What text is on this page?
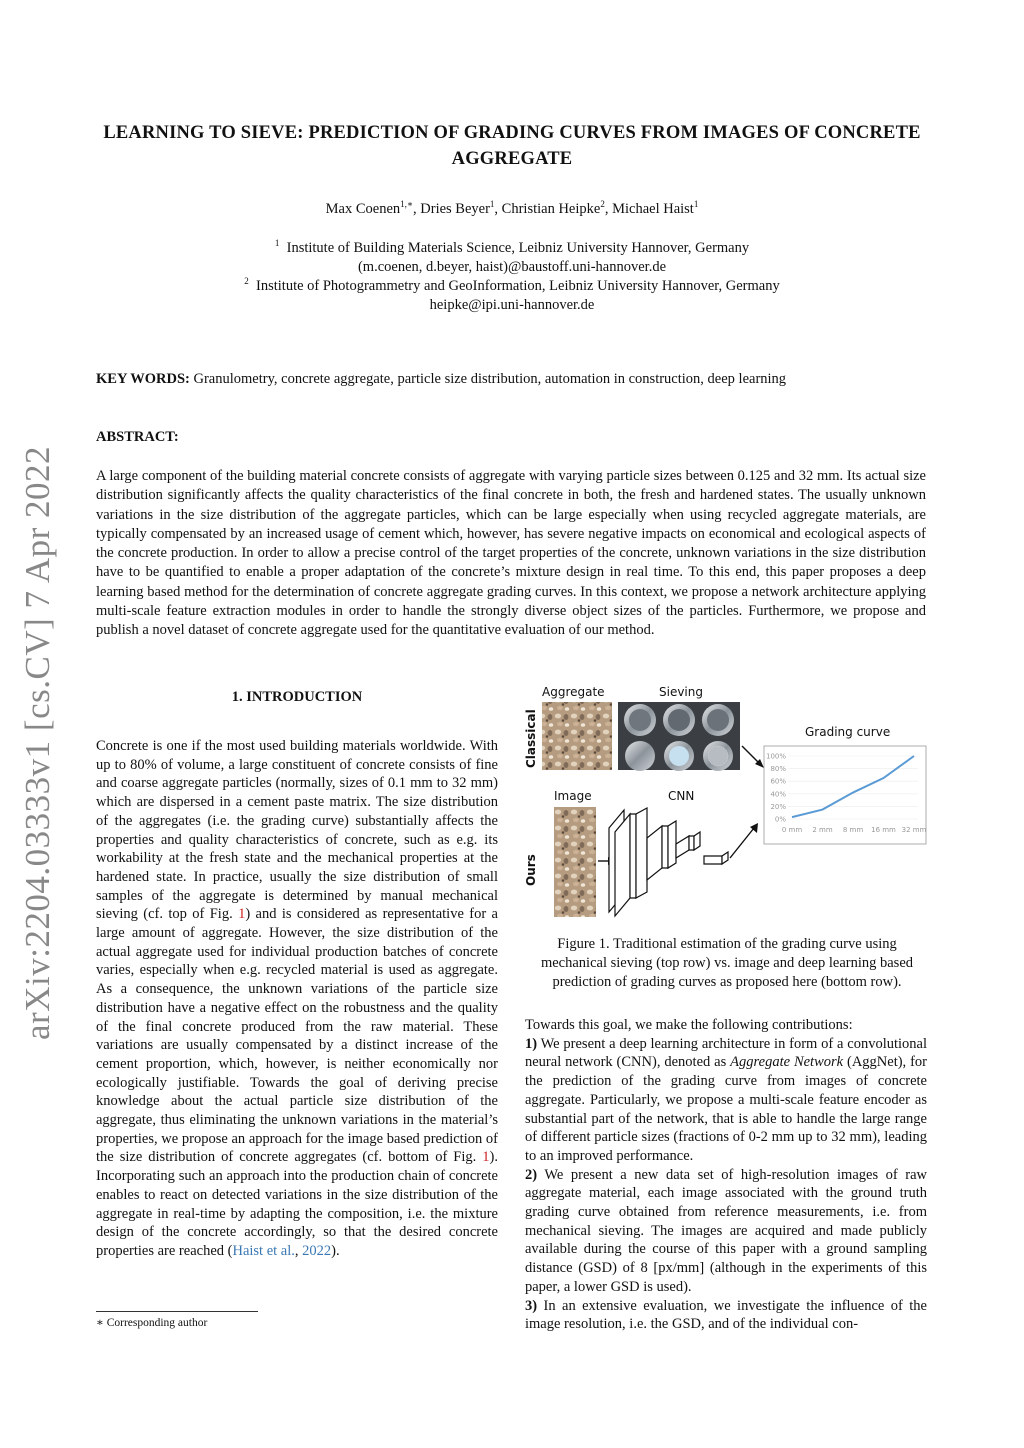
LEARNING TO SIEVE: PREDICTION OF GRADING CURVES FROM IMAGES OF CONCRETE AGGREGATE
Max Coenen$^{1,∗}$, Dries Beyer$^1$, Christian Heipke$^2$, Michael Haist$^1$
$^1$ Institute of Building Materials Science, Leibniz University Hannover, Germany
(m.coenen, d.beyer, haist)@baustoff.uni-hannover.de
$^2$ Institute of Photogrammetry and GeoInformation, Leibniz University Hannover, Germany
heipke@ipi.uni-hannover.de
KEY WORDS: Granulometry, concrete aggregate, particle size distribution, automation in construction, deep learning
ABSTRACT:
A large component of the building material concrete consists of aggregate with varying particle sizes between 0.125 and 32 mm. Its actual size distribution significantly affects the quality characteristics of the final concrete in both, the fresh and hardened states. The usually unknown variations in the size distribution of the aggregate particles, which can be large especially when using recycled aggregate materials, are typically compensated by an increased usage of cement which, however, has severe negative impacts on economical and ecological aspects of the concrete production. In order to allow a precise control of the target properties of the concrete, unknown variations in the size distribution have to be quantified to enable a proper adaptation of the concrete’s mixture design in real time. To this end, this paper proposes a deep learning based method for the determination of concrete aggregate grading curves. In this context, we propose a network architecture applying multi-scale feature extraction modules in order to handle the strongly diverse object sizes of the particles. Furthermore, we propose and publish a novel dataset of concrete aggregate used for the quantitative evaluation of our method.
arXiv:2204.03333v1 [cs.CV] 7 Apr 2022	1. INTRODUCTION
Concrete is one if the most used building materials worldwide. With up to 80% of volume, a large constituent of concrete consists of fine and coarse aggregate particles (normally, sizes of 0.1 mm to 32 mm) which are dispersed in a cement paste matrix. The size distribution of the aggregates (i.e. the grading curve) substantially affects the properties and quality characteristics of concrete, such as e.g. its workability at the fresh state and the mechanical properties at the hardened state. In practice, usually the size distribution of small samples of the aggregate is determined by manual mechanical sieving (cf. top of Fig. 1) and is considered as representative for a large amount of aggregate. However, the size distribution of the actual aggregate used for individual production batches of concrete varies, especially when e.g. recycled material is used as aggregate. As a consequence, the unknown variations of the particle size distribution have a negative effect on the robustness and the quality of the final concrete produced from the raw material. These variations are usually compensated by a distinct increase of the cement proportion, which, however, is neither economically nor ecologically justifiable. Towards the goal of deriving precise knowledge about the actual particle size distribution of the aggregate, thus eliminating the unknown variations in the material’s properties, we propose an approach for the image based prediction of the size distribution of concrete aggregates (cf. bottom of Fig. 1). Incorporating such an approach into the production chain of concrete enables to react on detected variations in the size distribution of the aggregate in real-time by adapting the composition, i.e. the mixture design of the concrete accordingly, so that the desired concrete properties are reached (Haist et al., 2022).
∗ Corresponding author
Aggregate	Sieving
Classical
Image	CNN
Ours
Grading curve
0%
20%
40%
60%
80%
100%
0 mm 2 mm 8 mm 16 mm 32 mm
Figure 1. Traditional estimation of the grading curve using mechanical sieving (top row) vs. image and deep learning based prediction of grading curves as proposed here (bottom row).

Towards this goal, we make the following contributions:

1) We present a deep learning architecture in form of a convolutional neural network (CNN), denoted as Aggregate Network (AggNet), for the prediction of the grading curve from images of concrete aggregate. Particularly, we propose a multi-scale feature encoder as substantial part of the network, that is able to handle the large range of different particle sizes (fractions of 0-2 mm up to 32 mm), leading to an improved performance.

2) We present a new data set of high-resolution images of raw aggregate material, each image associated with the ground truth grading curve obtained from reference measurements, i.e. from mechanical sieving. The images are acquired and made publicly available during the course of this paper with a ground sampling distance (GSD) of 8 [px/mm] (although in the experiments of this paper, a lower GSD is used).

3) In an extensive evaluation, we investigate the influence of the image resolution, i.e. the GSD, and of the individual con-
